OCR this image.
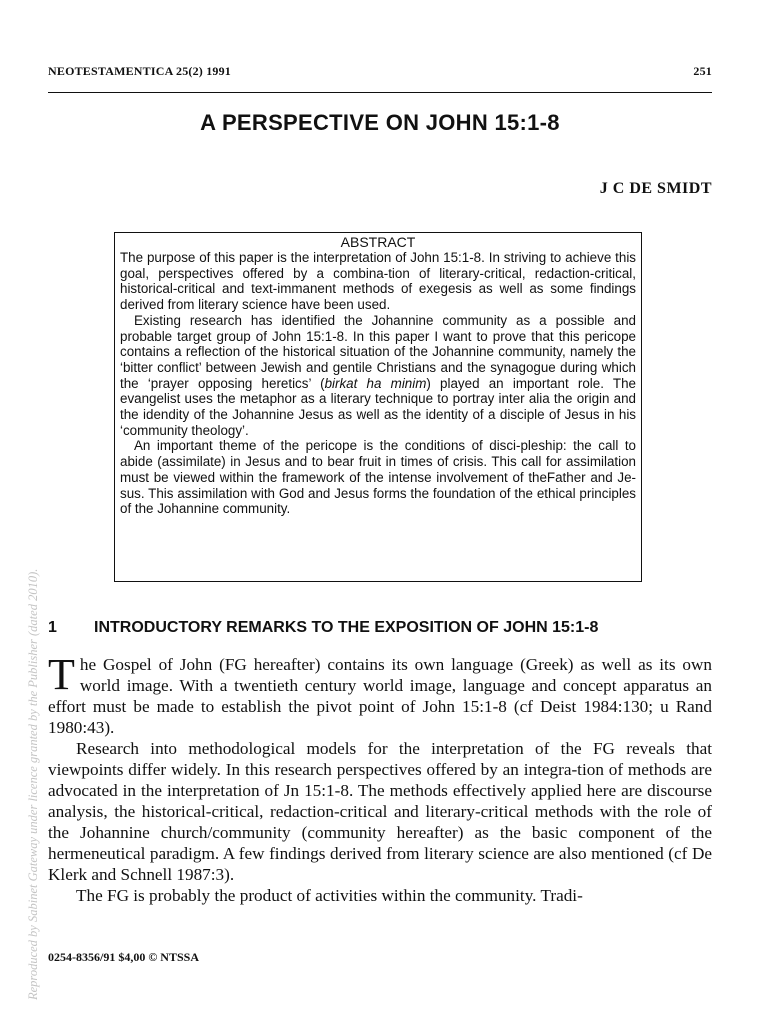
NEOTESTAMENTICA 25(2) 1991	251
A PERSPECTIVE ON JOHN 15:1-8
J C DE SMIDT
ABSTRACT

The purpose of this paper is the interpretation of John 15:1-8. In striving to achieve this goal, perspectives offered by a combina-tion of literary-critical, redaction-critical, historical-critical and text-immanent methods of exegesis as well as some findings derived from literary science have been used.

Existing research has identified the Johannine community as a possible and probable target group of John 15:1-8. In this paper I want to prove that this pericope contains a reflection of the historical situation of the Johannine community, namely the ‘bitter conflict’ between Jewish and gentile Christians and the synagogue during which the ‘prayer opposing heretics’ (birkat ha minim) played an important role. The evangelist uses the metaphor as a literary technique to portray inter alia the origin and the idendity of the Johannine Jesus as well as the identity of a disciple of Jesus in his ‘community theology’.

An important theme of the pericope is the conditions of disci-pleship: the call to abide (assimilate) in Jesus and to bear fruit in times of crisis. This call for assimilation must be viewed within the framework of the intense involvement of theFather and Je-sus. This assimilation with God and Jesus forms the foundation of the ethical principles of the Johannine community.

Reproduced by Sabinet Gateway under licence granted by the Publisher (dated 2010). 1 INTRODUCTORY REMARKS TO THE EXPOSITION OF JOHN 15:1-8

The Gospel of John (FG hereafter) contains its own language (Greek) as well as its own world image. With a twentieth century world image, language and concept apparatus an effort must be made to establish the pivot point of John 15:1-8 (cf Deist 1984:130; u Rand 1980:43).

Research into methodological models for the interpretation of the FG reveals that viewpoints differ widely. In this research perspectives offered by an integra-tion of methods are advocated in the interpretation of Jn 15:1-8. The methods effectively applied here are discourse analysis, the historical-critical, redaction-critical and literary-critical methods with the role of the Johannine church/community (community hereafter) as the basic component of the hermeneutical paradigm. A few findings derived from literary science are also mentioned (cf De Klerk and Schnell 1987:3).

The FG is probably the product of activities within the community. Tradi-

0254-8356/91 $4,00 © NTSSA
